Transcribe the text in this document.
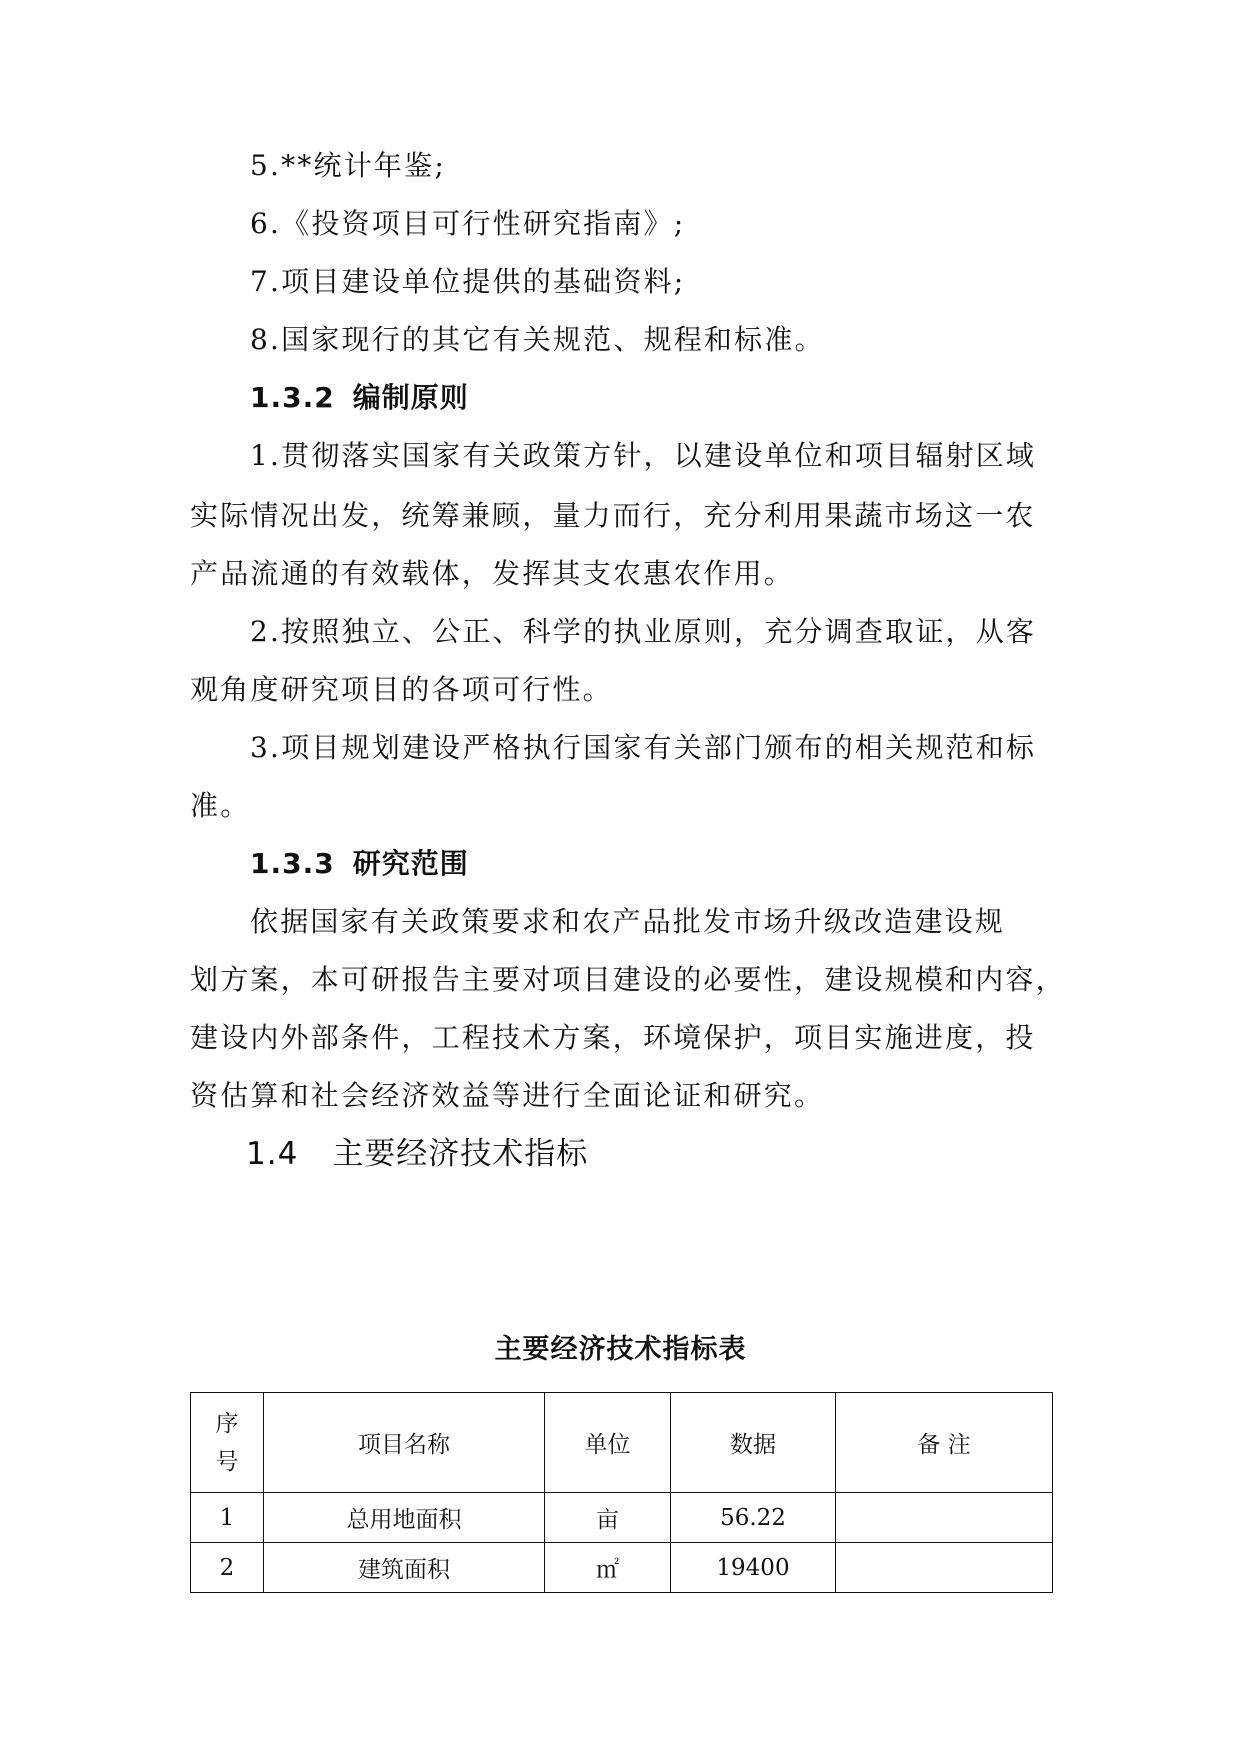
5.**统计年鉴;
6.《投资项目可行性研究指南》;
7.项目建设单位提供的基础资料;
8.国家现行的其它有关规范、规程和标准。
1.3.2 编制原则
1.贯彻落实国家有关政策方针，以建设单位和项目辐射区域
实际情况出发，统筹兼顾，量力而行，充分利用果蔬市场这一农
产品流通的有效载体，发挥其支农惠农作用。
2.按照独立、公正、科学的执业原则，充分调查取证，从客
观角度研究项目的各项可行性。
3.项目规划建设严格执行国家有关部门颁布的相关规范和标
准。
1.3.3 研究范围
依据国家有关政策要求和农产品批发市场升级改造建设规
划方案，本可研报告主要对项目建设的必要性，建设规模和内容，
建设内外部条件，工程技术方案，环境保护，项目实施进度，投
资估算和社会经济效益等进行全面论证和研究。
1.4 主要经济技术指标
主要经济技术指标表
序
号	项目名称	单位	数据	备 注
1	总用地面积	亩	56.22	
2	建筑面积	㎡	19400	
